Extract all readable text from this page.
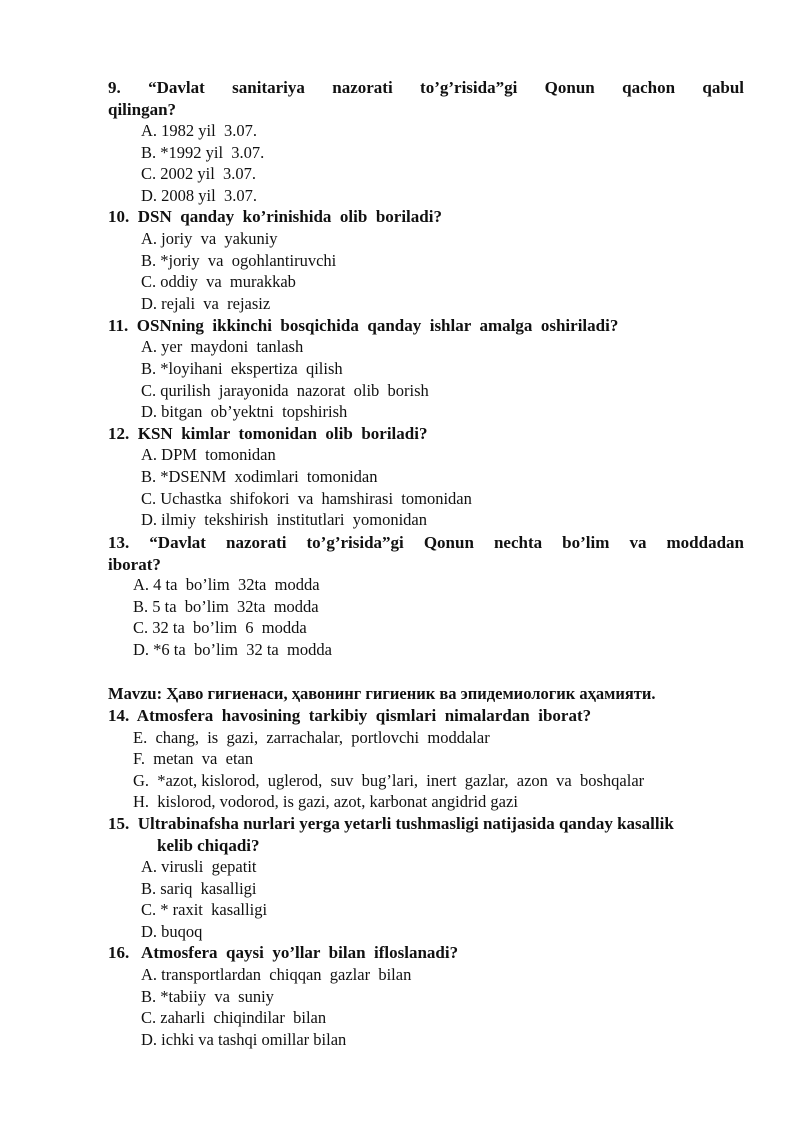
9. “Davlat sanitariya nazorati to’g’risida”gi Qonun qachon qabul
qilingan?

A. 1982 yil  3.07.
B. *1992 yil  3.07.
C. 2002 yil  3.07.
D. 2008 yil  3.07.

10.  DSN  qanday  ko’rinishida  olib  boriladi?

A. joriy  va  yakuniy
B. *joriy  va  ogohlantiruvchi
C. oddiy  va  murakkab
D. rejali  va  rejasiz

11.  OSNning  ikkinchi  bosqichida  qanday  ishlar  amalga  oshiriladi?

A. yer  maydoni  tanlash
B. *loyihani  ekspertiza  qilish
C. qurilish  jarayonida  nazorat  olib  borish
D. bitgan  ob’yektni  topshirish

12.  KSN  kimlar  tomonidan  olib  boriladi?

A. DPM  tomonidan
B. *DSENM  xodimlari  tomonidan
C. Uchastka  shifokori  va  hamshirasi  tomonidan
D. ilmiy  tekshirish  institutlari  yomonidan

13. “Davlat nazorati to’g’risida”gi Qonun nechta bo’lim va moddadan
iborat?

A. 4 ta  bo’lim  32ta  modda
B. 5 ta  bo’lim  32ta  modda
C. 32 ta  bo’lim  6  modda
D. *6 ta  bo’lim  32 ta  modda
Mavzu: Ҳаво гигиенаси, ҳавонинг гигиеник ва эпидемиологик аҳамияти.

14.  Atmosfera  havosining  tarkibiy  qismlari  nimalardan  iborat?

E.  chang,  is  gazi,  zarrachalar,  portlovchi  moddalar
F.  metan  va  etan
G.  *azot, kislorod,  uglerod,  suv  bug’lari,  inert  gazlar,  azon  va  boshqalar
H.  kislorod, vodorod, is gazi, azot, karbonat angidrid gazi

15.  Ultrabinafsha nurlari yerga yetarli tushmasligi natijasida qanday kasallik
kelib chiqadi?

A. virusli  gepatit
B. sariq  kasalligi
C. * raxit  kasalligi
D. buqoq

16.   Atmosfera  qaysi  yo’llar  bilan  ifloslanadi?

A. transportlardan  chiqqan  gazlar  bilan
B. *tabiiy  va  suniy
C. zaharli  chiqindilar  bilan
D. ichki va tashqi omillar bilan
